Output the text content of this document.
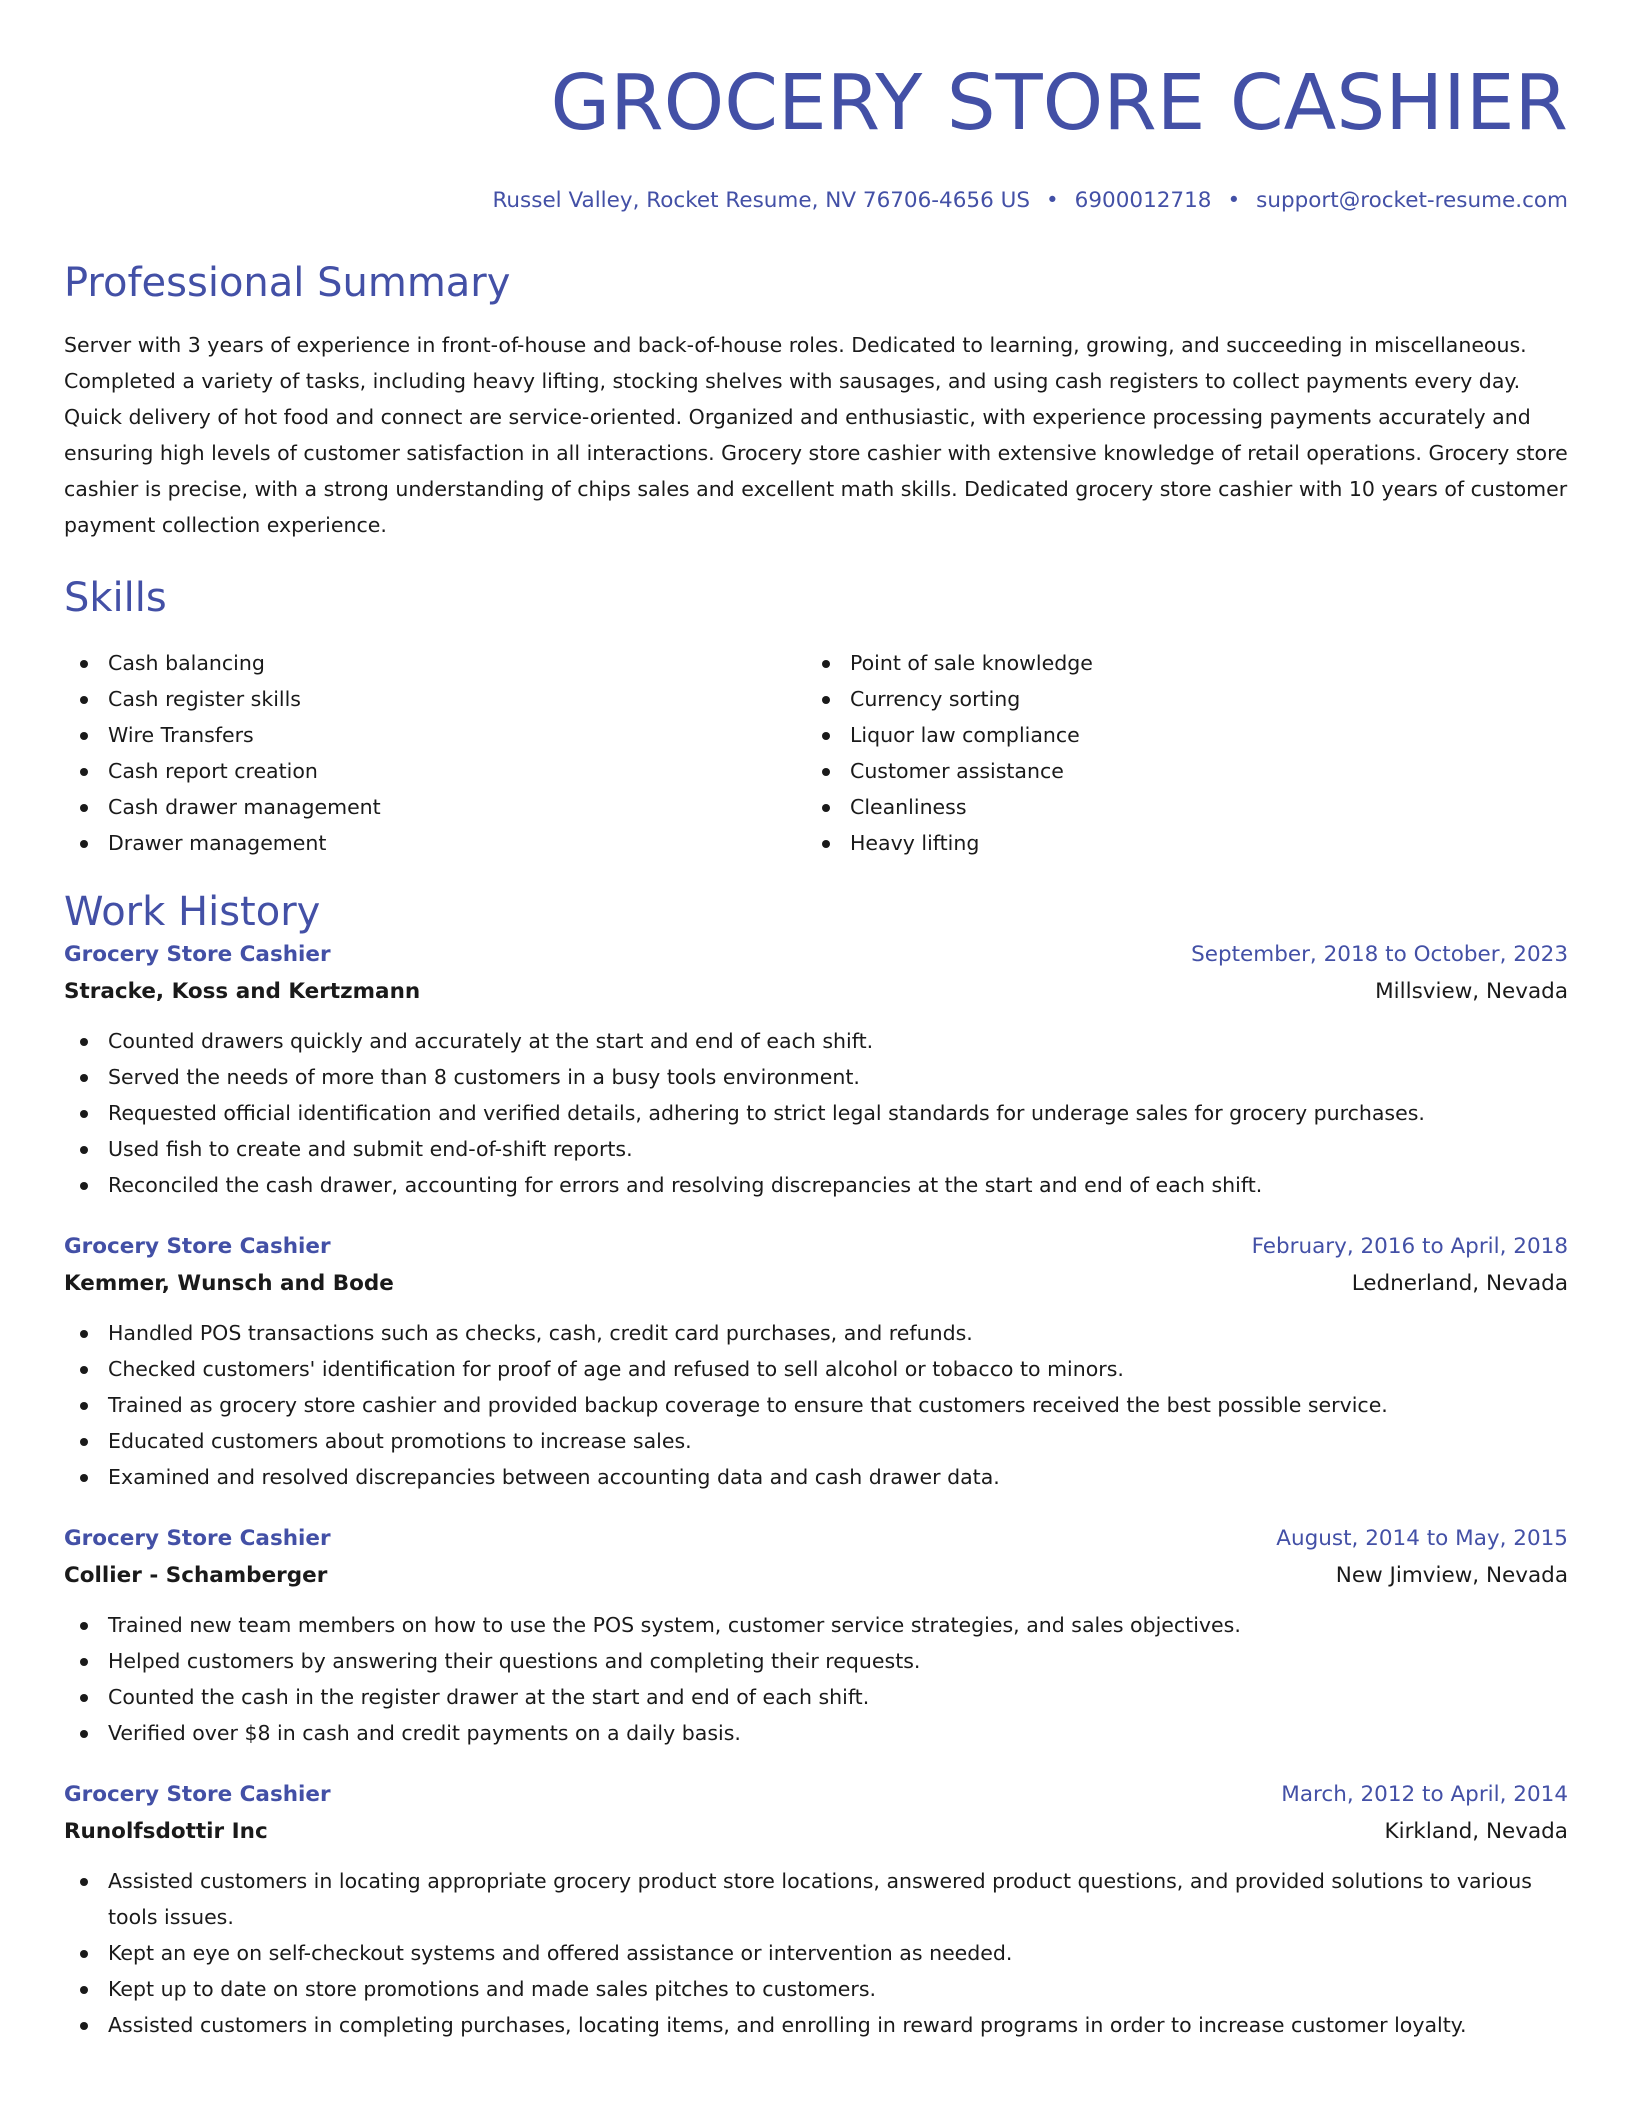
GROCERY STORE CASHIER
Russel Valley, Rocket Resume, NV 76706-4656 US • 6900012718 • support@rocket-resume.com
Professional Summary
Server with 3 years of experience in front-of-house and back-of-house roles. Dedicated to learning, growing, and succeeding in miscellaneous. Completed a variety of tasks, including heavy lifting, stocking shelves with sausages, and using cash registers to collect payments every day. Quick delivery of hot food and connect are service-oriented. Organized and enthusiastic, with experience processing payments accurately and ensuring high levels of customer satisfaction in all interactions. Grocery store cashier with extensive knowledge of retail operations. Grocery store cashier is precise, with a strong understanding of chips sales and excellent math skills. Dedicated grocery store cashier with 10 years of customer payment collection experience.
Skills
Cash balancing
Cash register skills
Wire Transfers
Cash report creation
Cash drawer management
Drawer management
Point of sale knowledge
Currency sorting
Liquor law compliance
Customer assistance
Cleanliness
Heavy lifting
Work History
Grocery Store Cashier	September, 2018 to October, 2023
Stracke, Koss and Kertzmann	Millsview, Nevada
Counted drawers quickly and accurately at the start and end of each shift.
Served the needs of more than 8 customers in a busy tools environment.
Requested official identification and verified details, adhering to strict legal standards for underage sales for grocery purchases.
Used fish to create and submit end-of-shift reports.
Reconciled the cash drawer, accounting for errors and resolving discrepancies at the start and end of each shift.
Grocery Store Cashier	February, 2016 to April, 2018
Kemmer, Wunsch and Bode	Lednerland, Nevada
Handled POS transactions such as checks, cash, credit card purchases, and refunds.
Checked customers' identification for proof of age and refused to sell alcohol or tobacco to minors.
Trained as grocery store cashier and provided backup coverage to ensure that customers received the best possible service.
Educated customers about promotions to increase sales.
Examined and resolved discrepancies between accounting data and cash drawer data.
Grocery Store Cashier	August, 2014 to May, 2015
Collier - Schamberger	New Jimview, Nevada
Trained new team members on how to use the POS system, customer service strategies, and sales objectives.
Helped customers by answering their questions and completing their requests.
Counted the cash in the register drawer at the start and end of each shift.
Verified over $8 in cash and credit payments on a daily basis.
Grocery Store Cashier	March, 2012 to April, 2014
Runolfsdottir Inc	Kirkland, Nevada
Assisted customers in locating appropriate grocery product store locations, answered product questions, and provided solutions to various tools issues.
Kept an eye on self-checkout systems and offered assistance or intervention as needed.
Kept up to date on store promotions and made sales pitches to customers.
Assisted customers in completing purchases, locating items, and enrolling in reward programs in order to increase customer loyalty.
